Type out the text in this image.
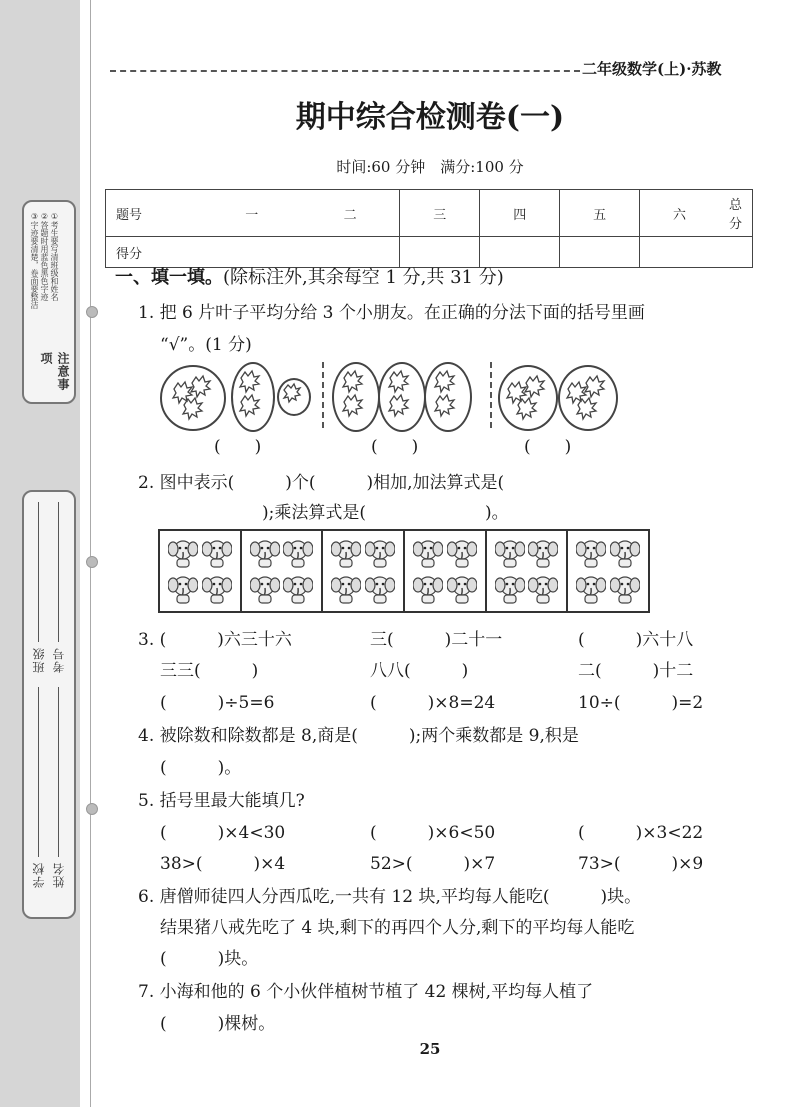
注意事项
①考生要写清班级和姓名
②答题时用蓝色黑色字迹
③字迹要清楚，卷面要整洁
班级 考号
学校 姓名
二年级数学(上)·苏教
期中综合检测卷(一)
时间:60 分钟　满分:100 分
题号	一	二	三	四	五	六	总分
得分							
一、填一填。(除标注外,其余每空 1 分,共 31 分)
1. 把 6 片叶子平均分给 3 个小朋友。在正确的分法下面的括号里画
“√”。(1 分)
(　　)	(　　)	(　　)
2. 图中表示(　　　)个(　　　)相加,加法算式是(
);乘法算式是(　　　　　　　)。
3. (　　　)六三十六	三(　　　)二十一	(　　　)六十八
三三(　　　)	八八(　　　)	二(　　　)十二
(　　　)÷5=6	(　　　)×8=24	10÷(　　　)=2
4. 被除数和除数都是 8,商是(　　　);两个乘数都是 9,积是
(　　　)。
5. 括号里最大能填几?
(　　　)×4<30	(　　　)×6<50	(　　　)×3<22
38>(　　　)×4	52>(　　　)×7	73>(　　　)×9
6. 唐僧师徒四人分西瓜吃,一共有 12 块,平均每人能吃(　　　)块。
结果猪八戒先吃了 4 块,剩下的再四个人分,剩下的平均每人能吃
(　　　)块。
7. 小海和他的 6 个小伙伴植树节植了 42 棵树,平均每人植了
(　　　)棵树。
25
